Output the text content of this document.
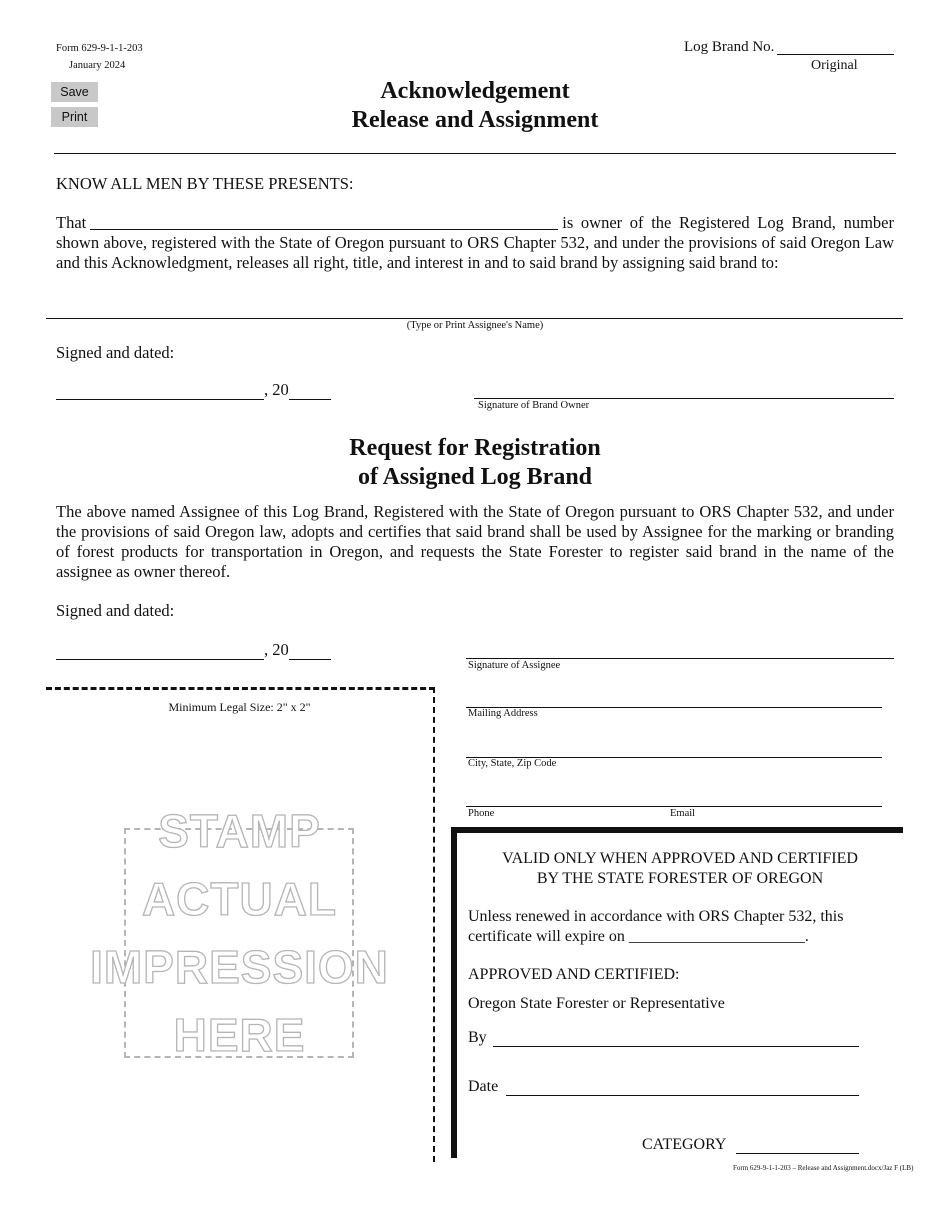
Form 629-9-1-1-203
January 2024
Log Brand No.
Original
Save
Print
Acknowledgement
Release and Assignment
KNOW ALL MEN BY THESE PRESENTS:
That	is owner of the Registered Log Brand, number
shown above, registered with the State of Oregon pursuant to ORS Chapter 532, and under the provisions of said Oregon Law and this Acknowledgment, releases all right, title, and interest in and to said brand by assigning said brand to:
(Type or Print Assignee's Name)
Signed and dated:
, 20
Signature of Brand Owner
Request for Registration
of Assigned Log Brand
The above named Assignee of this Log Brand, Registered with the State of Oregon pursuant to ORS Chapter 532, and under the provisions of said Oregon law, adopts and certifies that said brand shall be used by Assignee for the marking or branding of forest products for transportation in Oregon, and requests the State Forester to register said brand in the name of the assignee as owner thereof.
Signed and dated:
, 20
Signature of Assignee
Mailing Address
City, State, Zip Code
Phone	Email
Minimum Legal Size: 2" x 2"
STAMP
ACTUAL
IMPRESSION
HERE
VALID ONLY WHEN APPROVED AND CERTIFIED
BY THE STATE FORESTER OF OREGON
Unless renewed in accordance with ORS Chapter 532, this
certificate will expire on ______________________.
APPROVED AND CERTIFIED:
Oregon State Forester or Representative
By
Date
CATEGORY
Form 629-9-1-1-203 – Release and Assignment.docx/Jaz F (LB)
